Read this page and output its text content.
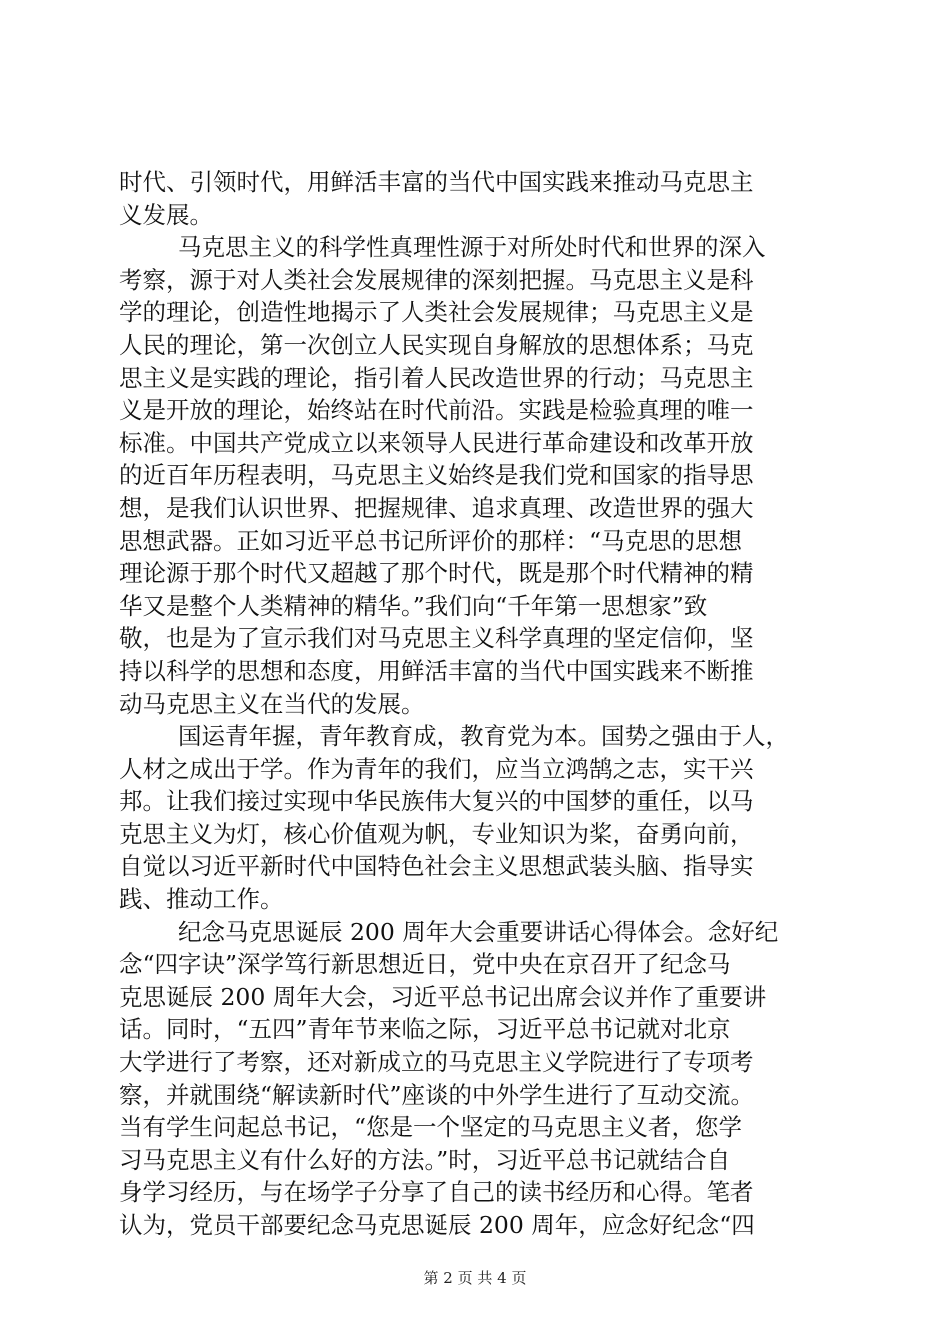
时代、引领时代，用鲜活丰富的当代中国实践来推动马克思主
义发展。
马克思主义的科学性真理性源于对所处时代和世界的深入
考察，源于对人类社会发展规律的深刻把握。马克思主义是科
学的理论，创造性地揭示了人类社会发展规律；马克思主义是
人民的理论，第一次创立人民实现自身解放的思想体系；马克
思主义是实践的理论，指引着人民改造世界的行动；马克思主
义是开放的理论，始终站在时代前沿。实践是检验真理的唯一
标准。中国共产党成立以来领导人民进行革命建设和改革开放
的近百年历程表明，马克思主义始终是我们党和国家的指导思
想，是我们认识世界、把握规律、追求真理、改造世界的强大
思想武器。正如习近平总书记所评价的那样：“马克思的思想
理论源于那个时代又超越了那个时代，既是那个时代精神的精
华又是整个人类精神的精华。”我们向“千年第一思想家”致
敬，也是为了宣示我们对马克思主义科学真理的坚定信仰，坚
持以科学的思想和态度，用鲜活丰富的当代中国实践来不断推
动马克思主义在当代的发展。
国运青年握，青年教育成，教育党为本。国势之强由于人，
人材之成出于学。作为青年的我们，应当立鸿鹄之志，实干兴
邦。让我们接过实现中华民族伟大复兴的中国梦的重任，以马
克思主义为灯，核心价值观为帆，专业知识为桨，奋勇向前，
自觉以习近平新时代中国特色社会主义思想武装头脑、指导实
践、推动工作。
纪念马克思诞辰 200 周年大会重要讲话心得体会。念好纪
念“四字诀”深学笃行新思想近日，党中央在京召开了纪念马
克思诞辰 200 周年大会，习近平总书记出席会议并作了重要讲
话。同时，“五四”青年节来临之际，习近平总书记就对北京
大学进行了考察，还对新成立的马克思主义学院进行了专项考
察，并就围绕“解读新时代”座谈的中外学生进行了互动交流。
当有学生问起总书记，“您是一个坚定的马克思主义者，您学
习马克思主义有什么好的方法。”时，习近平总书记就结合自
身学习经历，与在场学子分享了自己的读书经历和心得。笔者
认为，党员干部要纪念马克思诞辰 200 周年，应念好纪念“四
第 2 页 共 4 页
